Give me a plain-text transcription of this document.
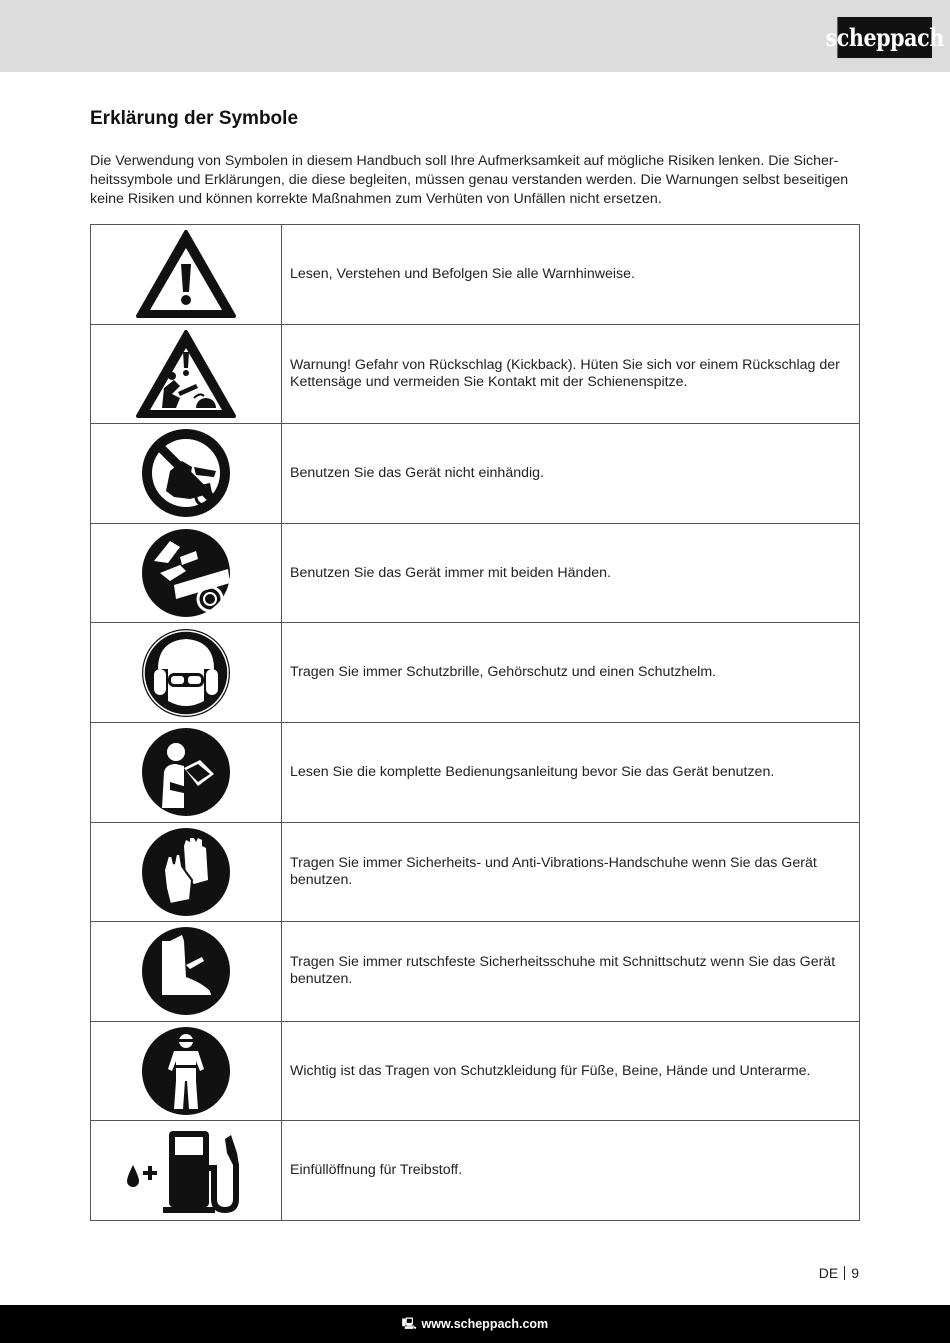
scheppach
Erklärung der Symbole

Die Verwendung von Symbolen in diesem Handbuch soll Ihre Aufmerksamkeit auf mögliche Risiken lenken. Die Sicher-heitssymbole und Erklärungen, die diese begleiten, müssen genau verstanden werden. Die Warnungen selbst beseitigen keine Risiken und können korrekte Maßnahmen zum Verhüten von Unfällen nicht ersetzen.

	Lesen, Verstehen und Befolgen Sie alle Warnhinweise.

	Warnung! Gefahr von Rückschlag (Kickback). Hüten Sie sich vor einem Rückschlag der Kettensäge und vermeiden Sie Kontakt mit der Schienenspitze.

	Benutzen Sie das Gerät nicht einhändig.

	Benutzen Sie das Gerät immer mit beiden Händen.

	Tragen Sie immer Schutzbrille, Gehörschutz und einen Schutzhelm.

	Lesen Sie die komplette Bedienungsanleitung bevor Sie das Gerät benutzen.

	Tragen Sie immer Sicherheits- und Anti-Vibrations-Handschuhe wenn Sie das Gerät benutzen.

	Tragen Sie immer rutschfeste Sicherheitsschuhe mit Schnittschutz wenn Sie das Gerät benutzen.

	Wichtig ist das Tragen von Schutzkleidung für Füße, Beine, Hände und Unterarme.

	Einfüllöffnung für Treibstoff.
DE 9
🖳 www.scheppach.com
